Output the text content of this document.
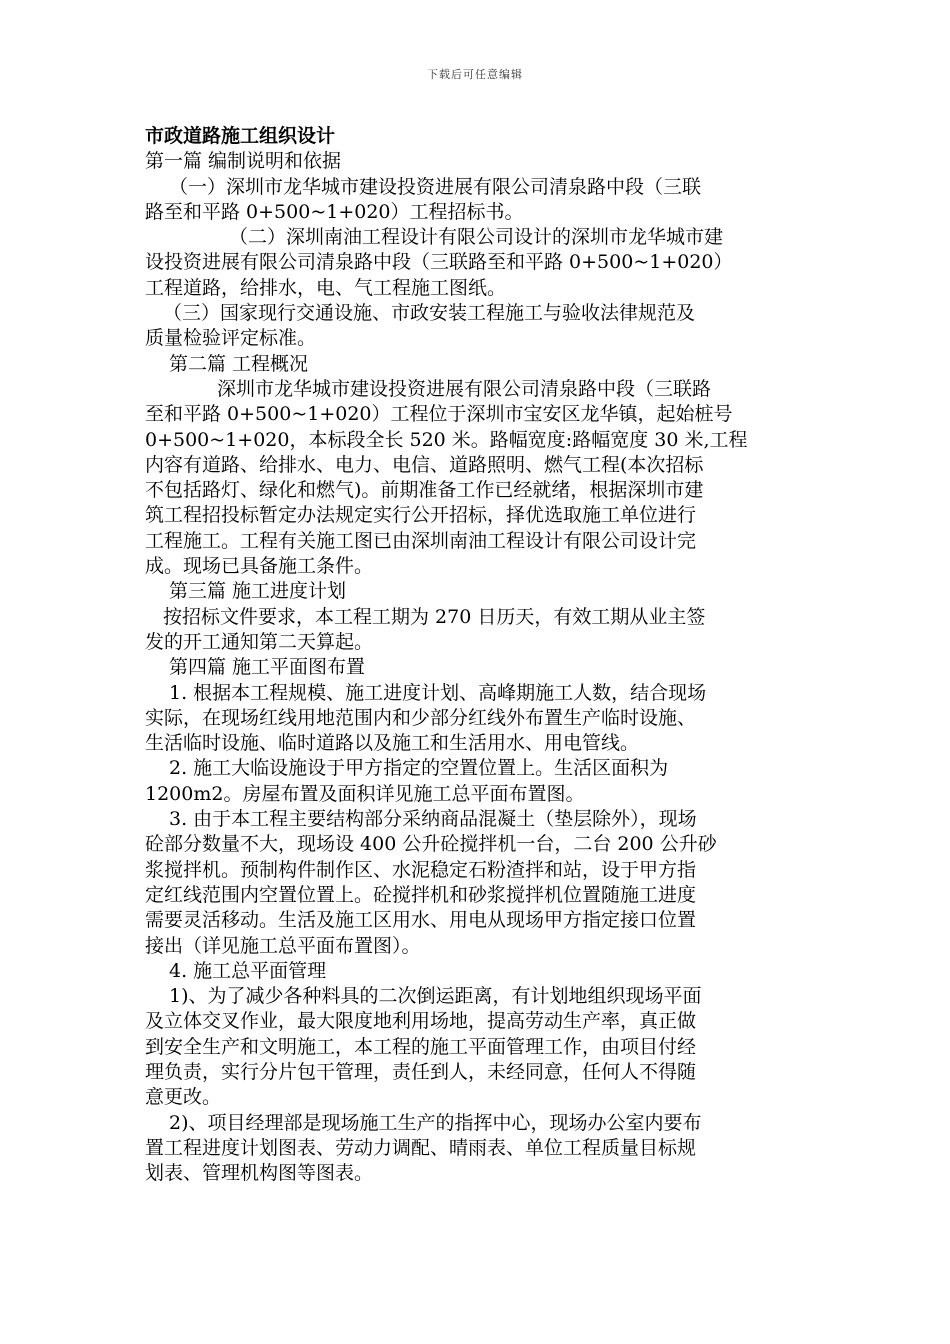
下载后可任意编辑
市政道路施工组织设计
第一篇 编制说明和依据
（一）深圳市龙华城市建设投资进展有限公司清泉路中段（三联
路至和平路 0+500~1+020）工程招标书。
（二）深圳南油工程设计有限公司设计的深圳市龙华城市建
设投资进展有限公司清泉路中段（三联路至和平路 0+500~1+020）
工程道路，给排水，电、气工程施工图纸。
（三）国家现行交通设施、市政安装工程施工与验收法律规范及
质量检验评定标准。
第二篇 工程概况
深圳市龙华城市建设投资进展有限公司清泉路中段（三联路
至和平路 0+500~1+020）工程位于深圳市宝安区龙华镇，起始桩号
0+500~1+020，本标段全长 520 米。路幅宽度:路幅宽度 30 米,工程
内容有道路、给排水、电力、电信、道路照明、燃气工程(本次招标
不包括路灯、绿化和燃气)。前期准备工作已经就绪，根据深圳市建
筑工程招投标暂定办法规定实行公开招标，择优选取施工单位进行
工程施工。工程有关施工图已由深圳南油工程设计有限公司设计完
成。现场已具备施工条件。
第三篇 施工进度计划
按招标文件要求，本工程工期为 270 日历天，有效工期从业主签
发的开工通知第二天算起。
第四篇 施工平面图布置
1. 根据本工程规模、施工进度计划、高峰期施工人数，结合现场
实际，在现场红线用地范围内和少部分红线外布置生产临时设施、
生活临时设施、临时道路以及施工和生活用水、用电管线。
2. 施工大临设施设于甲方指定的空置位置上。生活区面积为
1200m2。房屋布置及面积详见施工总平面布置图。
3. 由于本工程主要结构部分采纳商品混凝土（垫层除外），现场
砼部分数量不大，现场设 400 公升砼搅拌机一台，二台 200 公升砂
浆搅拌机。预制构件制作区、水泥稳定石粉渣拌和站，设于甲方指
定红线范围内空置位置上。砼搅拌机和砂浆搅拌机位置随施工进度
需要灵活移动。生活及施工区用水、用电从现场甲方指定接口位置
接出（详见施工总平面布置图）。
4. 施工总平面管理
1)、为了减少各种料具的二次倒运距离，有计划地组织现场平面
及立体交叉作业，最大限度地利用场地，提高劳动生产率，真正做
到安全生产和文明施工，本工程的施工平面管理工作，由项目付经
理负责，实行分片包干管理，责任到人，未经同意，任何人不得随
意更改。
2)、项目经理部是现场施工生产的指挥中心，现场办公室内要布
置工程进度计划图表、劳动力调配、晴雨表、单位工程质量目标规
划表、管理机构图等图表。
